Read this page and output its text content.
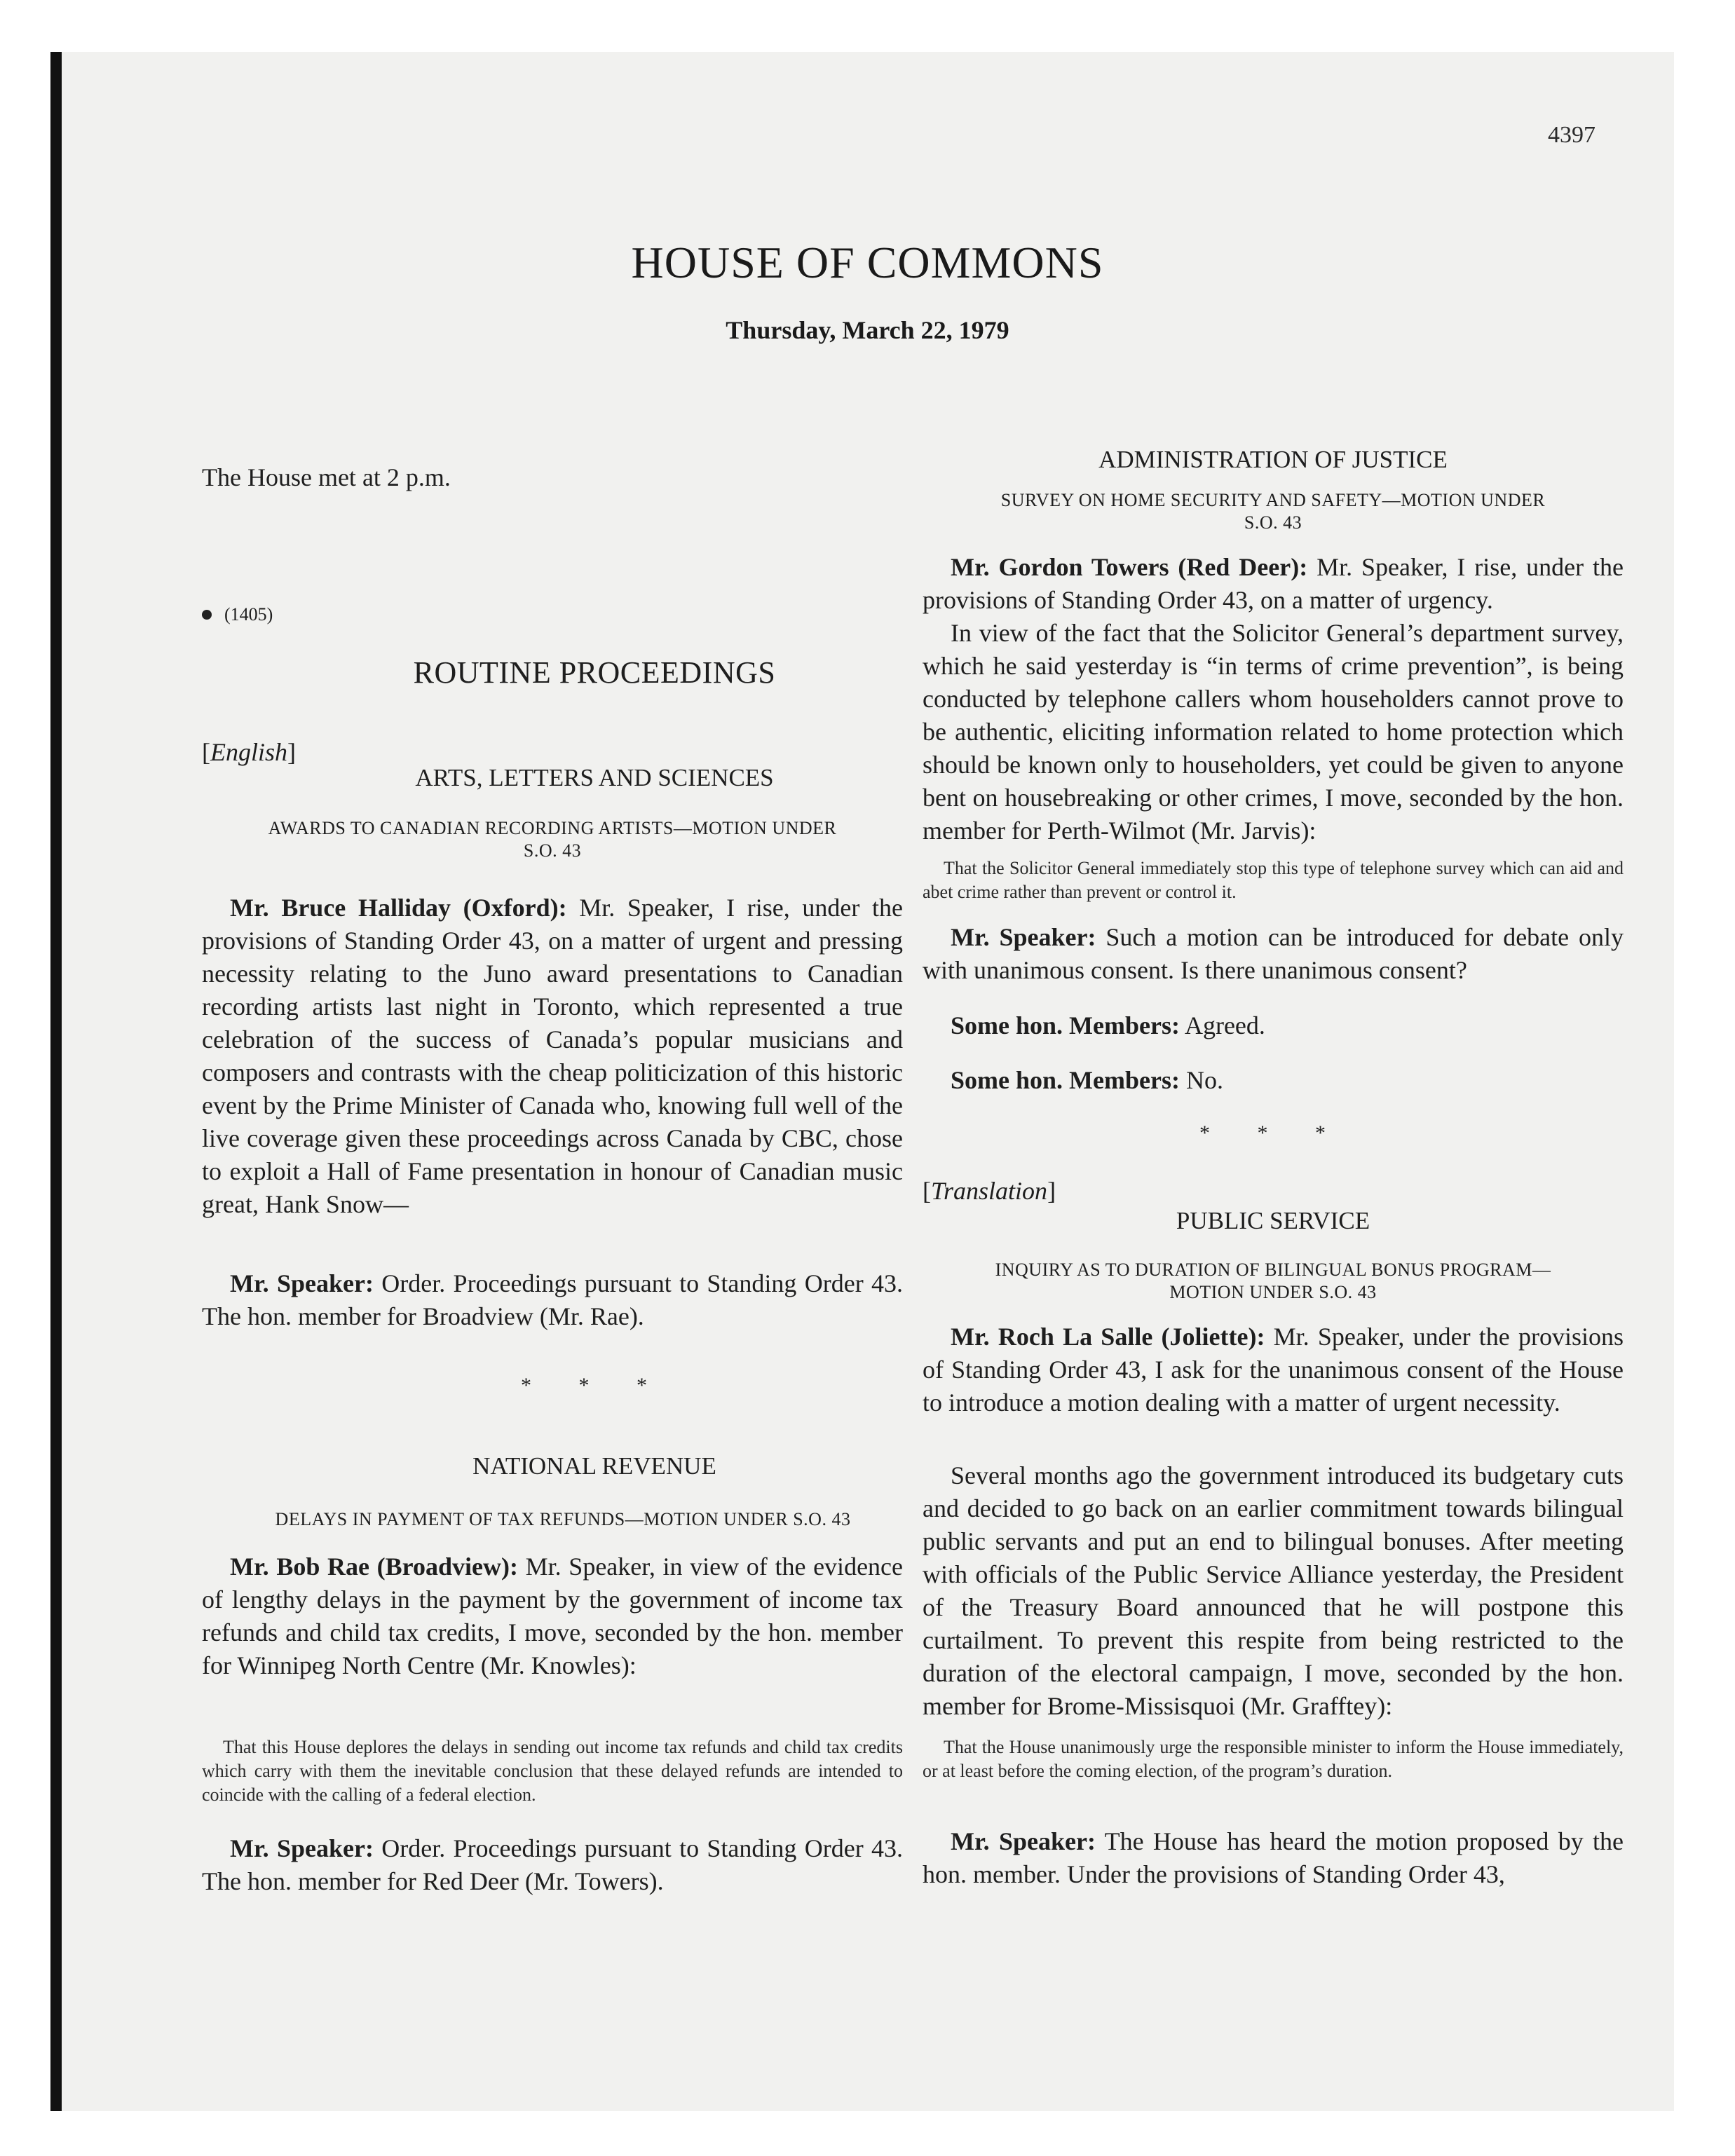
4397
HOUSE OF COMMONS
Thursday, March 22, 1979

The House met at 2 p.m.

(1405)

ROUTINE PROCEEDINGS

[ English ]

ARTS, LETTERS AND SCIENCES

AWARDS TO CANADIAN RECORDING ARTISTS—MOTION UNDER

S.O. 43

Mr. Bruce Halliday (Oxford): Mr. Speaker, I rise, under the provisions of Standing Order 43, on a matter of urgent and pressing necessity relating to the Juno award presentations to Canadian recording artists last night in Toronto, which represented a true celebration of the success of Canada’s popular musicians and composers and contrasts with the cheap politicization of this historic event by the Prime Minister of Canada who, knowing full well of the live coverage given these proceedings across Canada by CBC, chose to exploit a Hall of Fame presentation in honour of Canadian music great, Hank Snow—

Mr. Speaker: Order. Proceedings pursuant to Standing Order 43. The hon. member for Broadview (Mr. Rae).

* * *

NATIONAL REVENUE

DELAYS IN PAYMENT OF TAX REFUNDS—MOTION UNDER S.O. 43

Mr. Bob Rae (Broadview): Mr. Speaker, in view of the evidence of lengthy delays in the payment by the government of income tax refunds and child tax credits, I move, seconded by the hon. member for Winnipeg North Centre (Mr. Knowles):

That this House deplores the delays in sending out income tax refunds and child tax credits which carry with them the inevitable conclusion that these delayed refunds are intended to coincide with the calling of a federal election.

Mr. Speaker: Order. Proceedings pursuant to Standing Order 43. The hon. member for Red Deer (Mr. Towers).

ADMINISTRATION OF JUSTICE

SURVEY ON HOME SECURITY AND SAFETY—MOTION UNDER

S.O. 43

Mr. Gordon Towers (Red Deer): Mr. Speaker, I rise, under the provisions of Standing Order 43, on a matter of urgency.

In view of the fact that the Solicitor General’s department survey, which he said yesterday is “in terms of crime prevention”, is being conducted by telephone callers whom householders cannot prove to be authentic, eliciting information related to home protection which should be known only to householders, yet could be given to anyone bent on housebreaking or other crimes, I move, seconded by the hon. member for Perth-Wilmot (Mr. Jarvis):

That the Solicitor General immediately stop this type of telephone survey which can aid and abet crime rather than prevent or control it.

Mr. Speaker: Such a motion can be introduced for debate only with unanimous consent. Is there unanimous consent?

Some hon. Members: Agreed.

Some hon. Members: No.

* * *

[ Translation ]

PUBLIC SERVICE

INQUIRY AS TO DURATION OF BILINGUAL BONUS PROGRAM—

MOTION UNDER S.O. 43

Mr. Roch La Salle (Joliette): Mr. Speaker, under the provisions of Standing Order 43, I ask for the unanimous consent of the House to introduce a motion dealing with a matter of urgent necessity.

Several months ago the government introduced its budgetary cuts and decided to go back on an earlier commitment towards bilingual public servants and put an end to bilingual bonuses. After meeting with officials of the Public Service Alliance yesterday, the President of the Treasury Board announced that he will postpone this curtailment. To prevent this respite from being restricted to the duration of the electoral campaign, I move, seconded by the hon. member for Brome-Missisquoi (Mr. Grafftey):

That the House unanimously urge the responsible minister to inform the House immediately, or at least before the coming election, of the program’s duration.

Mr. Speaker: The House has heard the motion proposed by the hon. member. Under the provisions of Standing Order 43,
